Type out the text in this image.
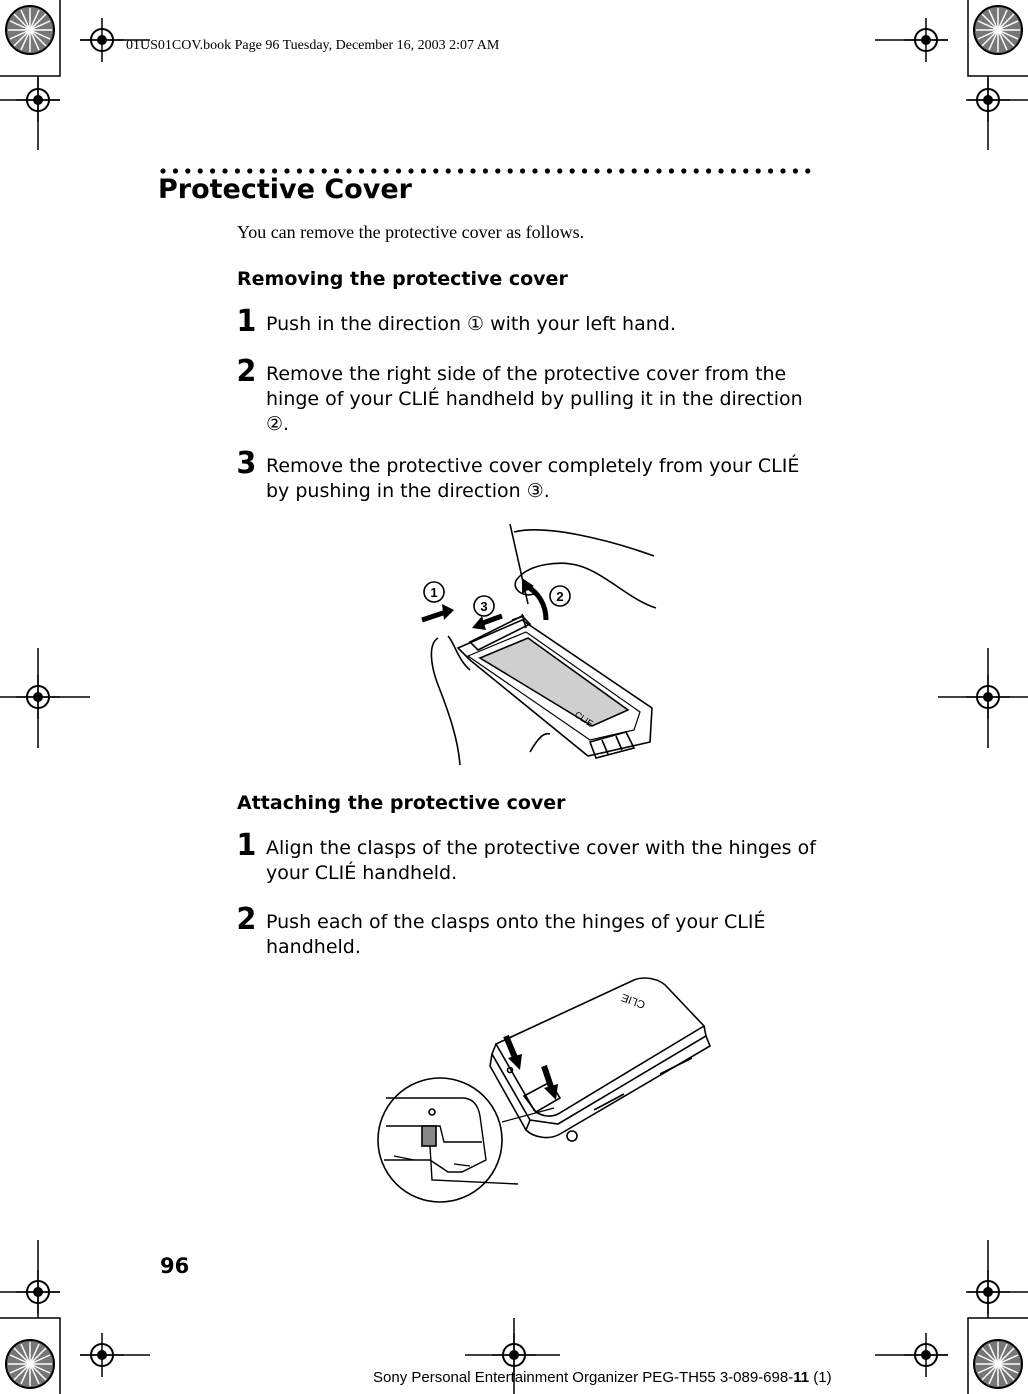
01US01COV.book Page 96 Tuesday, December 16, 2003 2:07 AM
Protective Cover
You can remove the protective cover as follows.
Removing the protective cover
1 Push in the direction ① with your left hand.
2 Remove the right side of the protective cover from the hinge of your CLIÉ handheld by pulling it in the direction ②.
3 Remove the protective cover completely from your CLIÉ by pushing in the direction ③.
1
3
2
CLIE
Attaching the protective cover
1 Align the clasps of the protective cover with the hinges of your CLIÉ handheld.
2 Push each of the clasps onto the hinges of your CLIÉ handheld.
CLIE
96
Sony Personal Entertainment Organizer PEG-TH55 3-089-698-11 (1)
